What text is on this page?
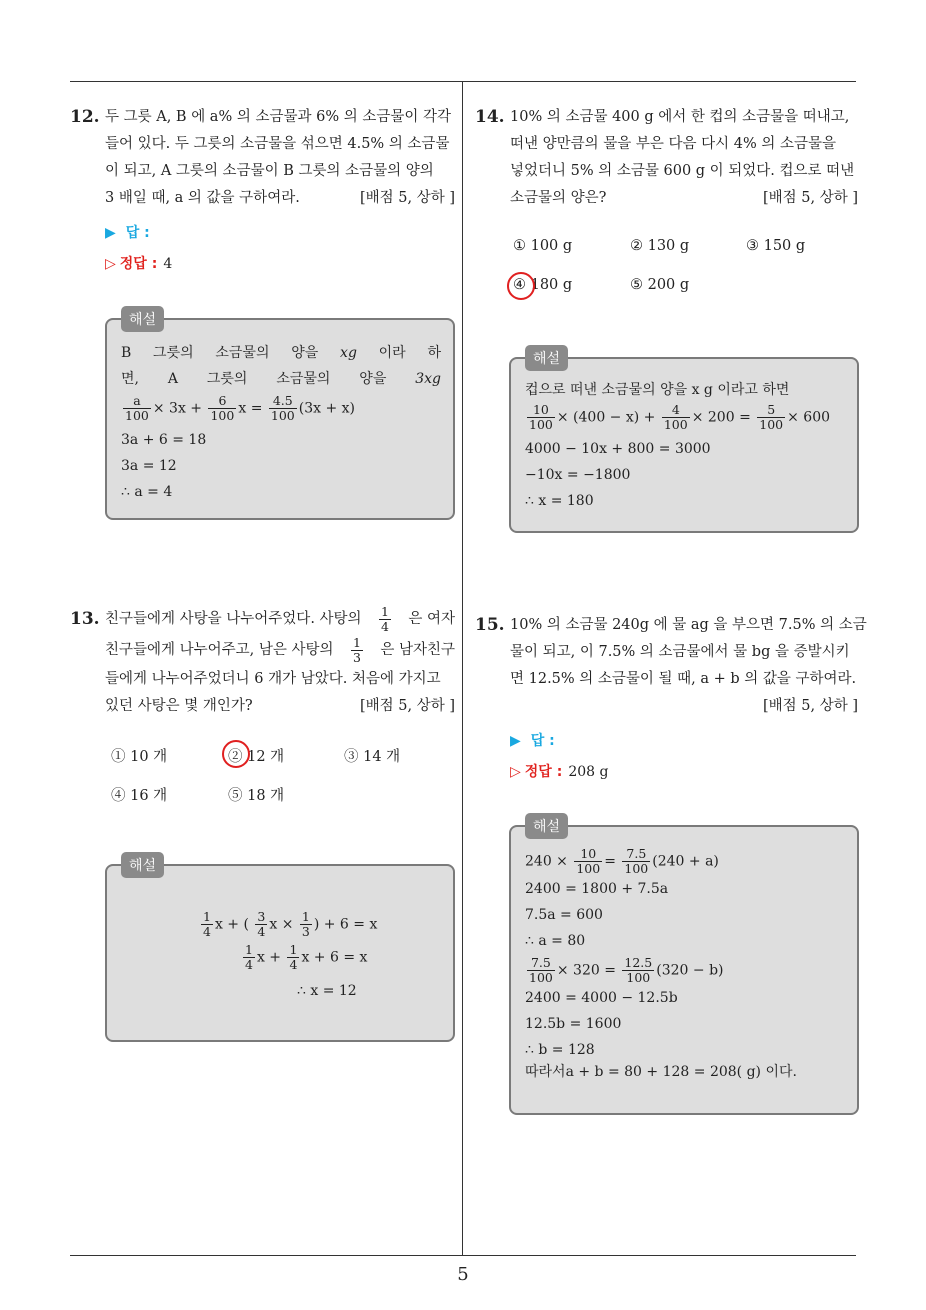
5
12. 두 그릇 A, B 에 a% 의 소금물과 6% 의 소금물이 각각
들어 있다. 두 그릇의 소금물을 섞으면 4.5% 의 소금물
이 되고, A 그릇의 소금물이 B 그릇의 소금물의 양의
3 배일 때, a 의 값을 구하여라.	[배점 5, 상하 ]
▶ 답 :
▷ 정답 : 4
해설
B 그릇의 소금물의 양을 xg 이라 하
면, A 그릇의 소금물의 양을 3xg
$\frac{a}{100} \times 3x + \frac{6}{100}$ $x = \frac{4.5}{100} (3x + x)$
3a + 6 = 18
3a = 12
∴ a = 4
13. 친구들에게 사탕을 나누어주었다. 사탕의 $\frac{1}{4}$ 은 여자
친구들에게 나누어주고, 남은 사탕의 $\frac{1}{3}$ 은 남자친구
들에게 나누어주었더니 6 개가 남았다. 처음에 가지고
있던 사탕은 몇 개인가?	[배점 5, 상하 ]
① 10 개	② 12 개	③ 14 개
④ 16 개	⑤ 18 개
해설
$\frac{1}{4}$ x + ( $\frac{3}{4}$ $x \times \frac{1}{3}$ ) + 6 = x
$\frac{1}{4}$ $x + \frac{1}{4}$ x + 6 = x
∴ x = 12
14. 10% 의 소금물 400 g 에서 한 컵의 소금물을 떠내고,
떠낸 양만큼의 물을 부은 다음 다시 4% 의 소금물을
넣었더니 5% 의 소금물 600 g 이 되었다. 컵으로 떠낸
소금물의 양은?	[배점 5, 상하 ]
① 100 g	② 130 g	③ 150 g
④ 180 g	⑤ 200 g
해설
컵으로 떠낸 소금물의 양을 x g 이라고 하면
$\frac{10}{100} \times (400 - x) + \frac{4}{100} \times 200 = \frac{5}{100} \times 600$
4000 − 10x + 800 = 3000
−10x = −1800
∴ x = 180
15. 10% 의 소금물 240g 에 물 ag 을 부으면 7.5% 의 소금
물이 되고, 이 7.5% 의 소금물에서 물 bg 을 증발시키
면 12.5% 의 소금물이 될 때, a + b 의 값을 구하여라.
[배점 5, 상하 ]
▶ 답 :
▷ 정답 : 208 g
해설
$240 \times \frac{10}{100} = \frac{7.5}{100} (240 + a)$
2400 = 1800 + 7.5a
7.5a = 600
∴ a = 80
$\frac{7.5}{100} \times 320 = \frac{12.5}{100} (320 - b)$
2400 = 4000 − 12.5b
12.5b = 1600
∴ b = 128
따라서a + b = 80 + 128 = 208( g) 이다.
